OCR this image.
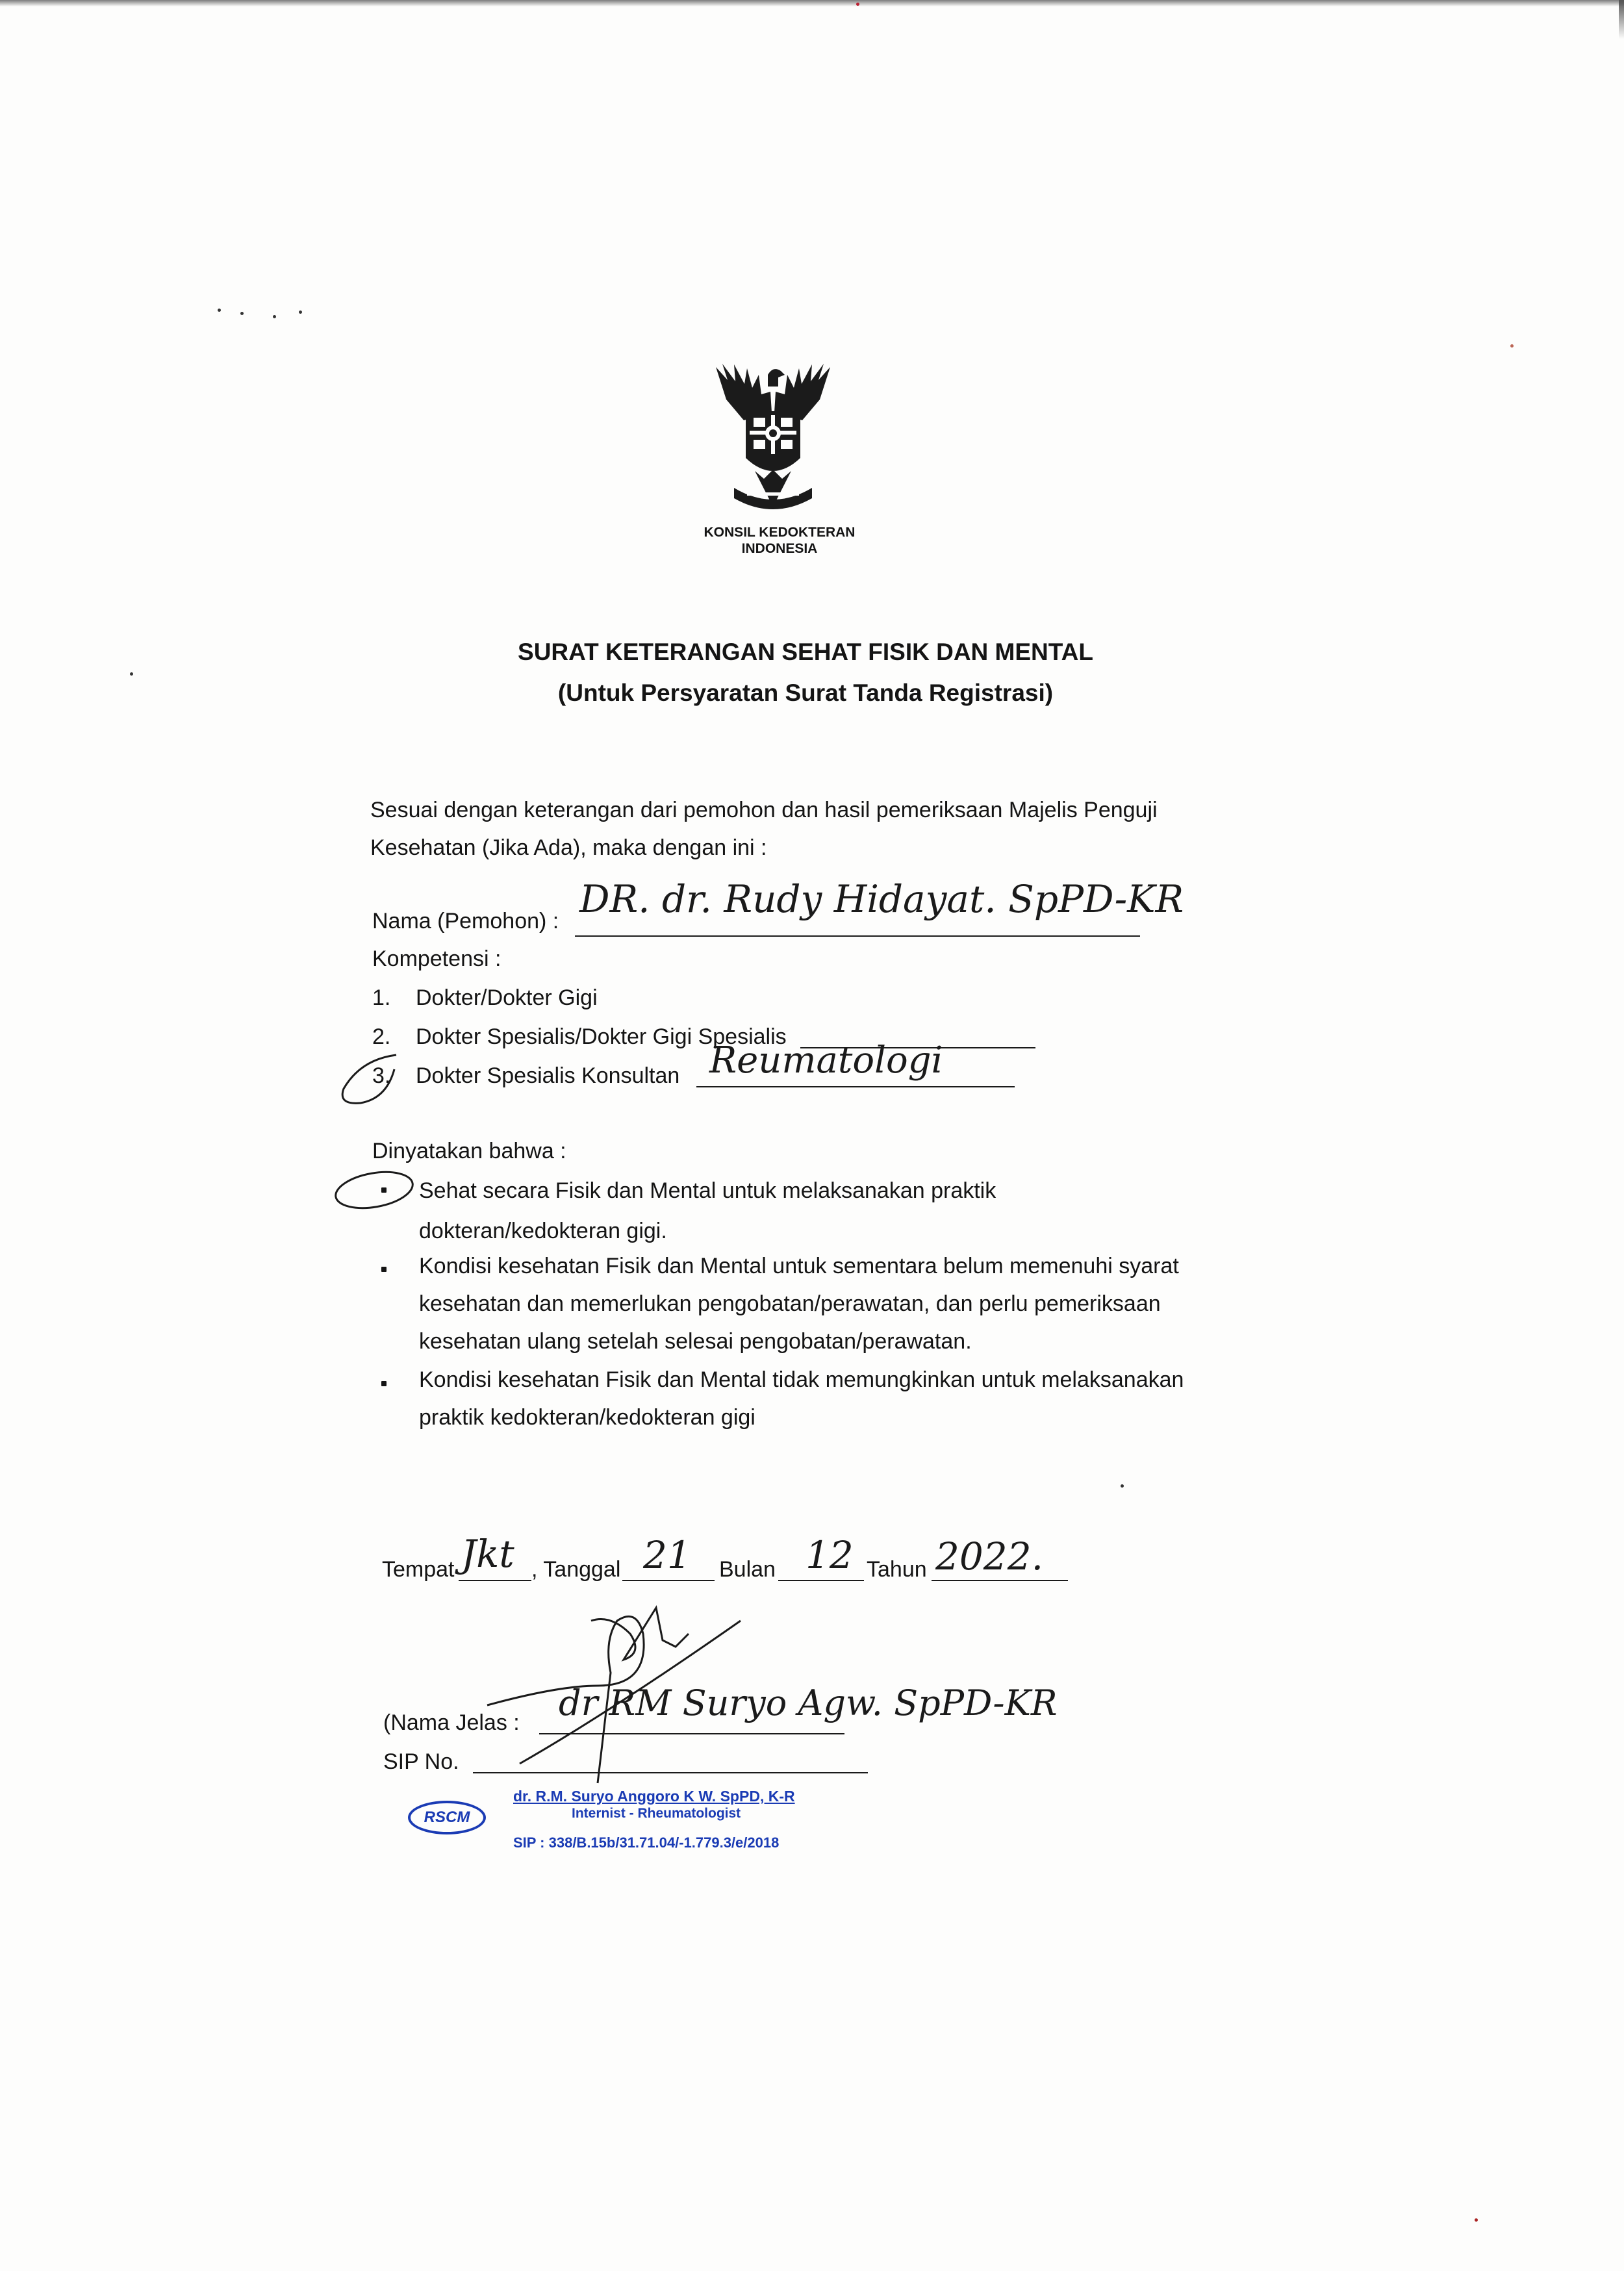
KONSIL KEDOKTERAN
INDONESIA
SURAT KETERANGAN SEHAT FISIK DAN MENTAL
(Untuk Persyaratan Surat Tanda Registrasi)
Sesuai dengan keterangan dari pemohon dan hasil pemeriksaan Majelis Penguji Kesehatan (Jika Ada), maka dengan ini :
Nama (Pemohon) : DR. dr. Rudy Hidayat. SpPD-KR
Kompetensi :
1. Dokter/Dokter Gigi
2. Dokter Spesialis/Dokter Gigi Spesialis
3. Dokter Spesialis Konsultan Reumatologi
Dinyatakan bahwa :
Sehat secara Fisik dan Mental untuk melaksanakan praktik dokteran/kedokteran gigi.
Kondisi kesehatan Fisik dan Mental untuk sementara belum memenuhi syarat kesehatan dan memerlukan pengobatan/perawatan, dan perlu pemeriksaan kesehatan ulang setelah selesai pengobatan/perawatan.
Kondisi kesehatan Fisik dan Mental tidak memungkinkan untuk melaksanakan praktik kedokteran/kedokteran gigi
Tempat Jkt , Tanggal 21 Bulan 12 Tahun 2022.
(Nama Jelas : dr RM Suryo Agw. SpPD-KR
SIP No.
RSCM
dr. R.M. Suryo Anggoro K W. SpPD, K-R
Internist - Rheumatologist
SIP : 338/B.15b/31.71.04/-1.779.3/e/2018
